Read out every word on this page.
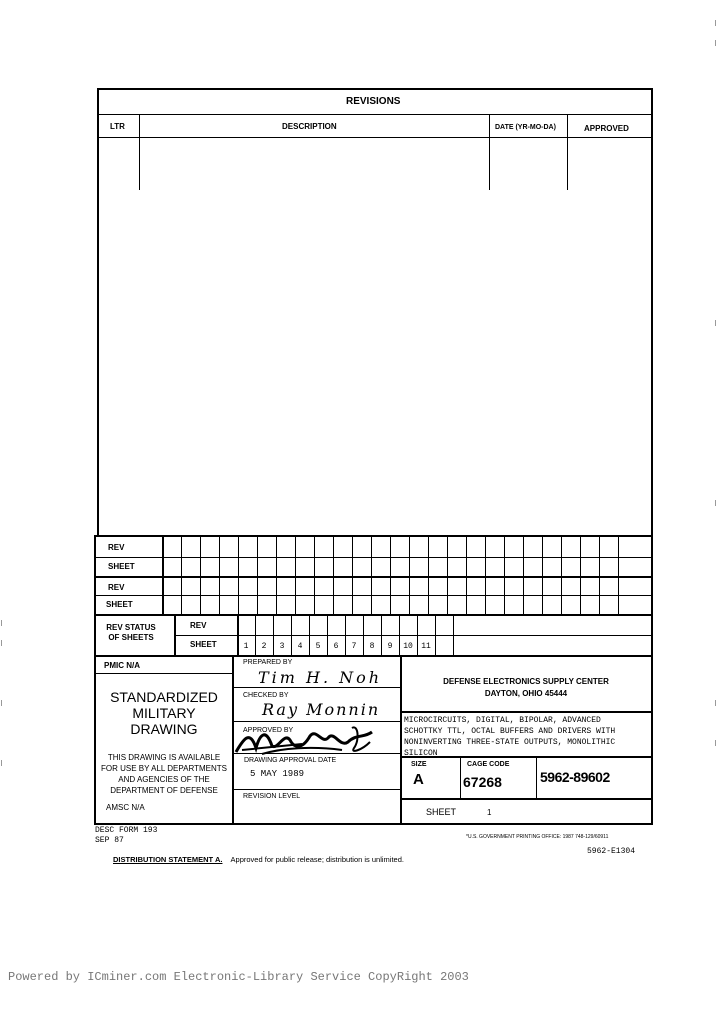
REVISIONS
LTR	DESCRIPTION	DATE (YR-MO-DA)	APPROVED
REV
SHEET
REV
SHEET
REV STATUS OF SHEETS
REV
SHEET	1	2	3	4	5	6	7	8	9	10	11
PMIC N/A
STANDARDIZED
MILITARY
DRAWING
THIS DRAWING IS AVAILABLE
FOR USE BY ALL DEPARTMENTS
AND AGENCIES OF THE
DEPARTMENT OF DEFENSE
AMSC N/A
PREPARED BY
Tim H. Noh
CHECKED BY
Ray Monnin
APPROVED BY
DRAWING APPROVAL DATE
5 MAY 1989
REVISION LEVEL
DEFENSE ELECTRONICS SUPPLY CENTER
DAYTON, OHIO 45444
MICROCIRCUITS, DIGITAL, BIPOLAR, ADVANCED
SCHOTTKY TTL, OCTAL BUFFERS AND DRIVERS WITH
NONINVERTING THREE-STATE OUTPUTS, MONOLITHIC
SILICON
SIZE
A
CAGE CODE
67268	5962-89602
SHEET	1
DESC FORM 193
SEP 87	*U.S. GOVERNMENT PRINTING OFFICE: 1987 748-129/60911
DISTRIBUTION STATEMENT A. Approved for public release; distribution is unlimited.
5962-E1304
Powered by ICminer.com Electronic-Library Service CopyRight 2003
